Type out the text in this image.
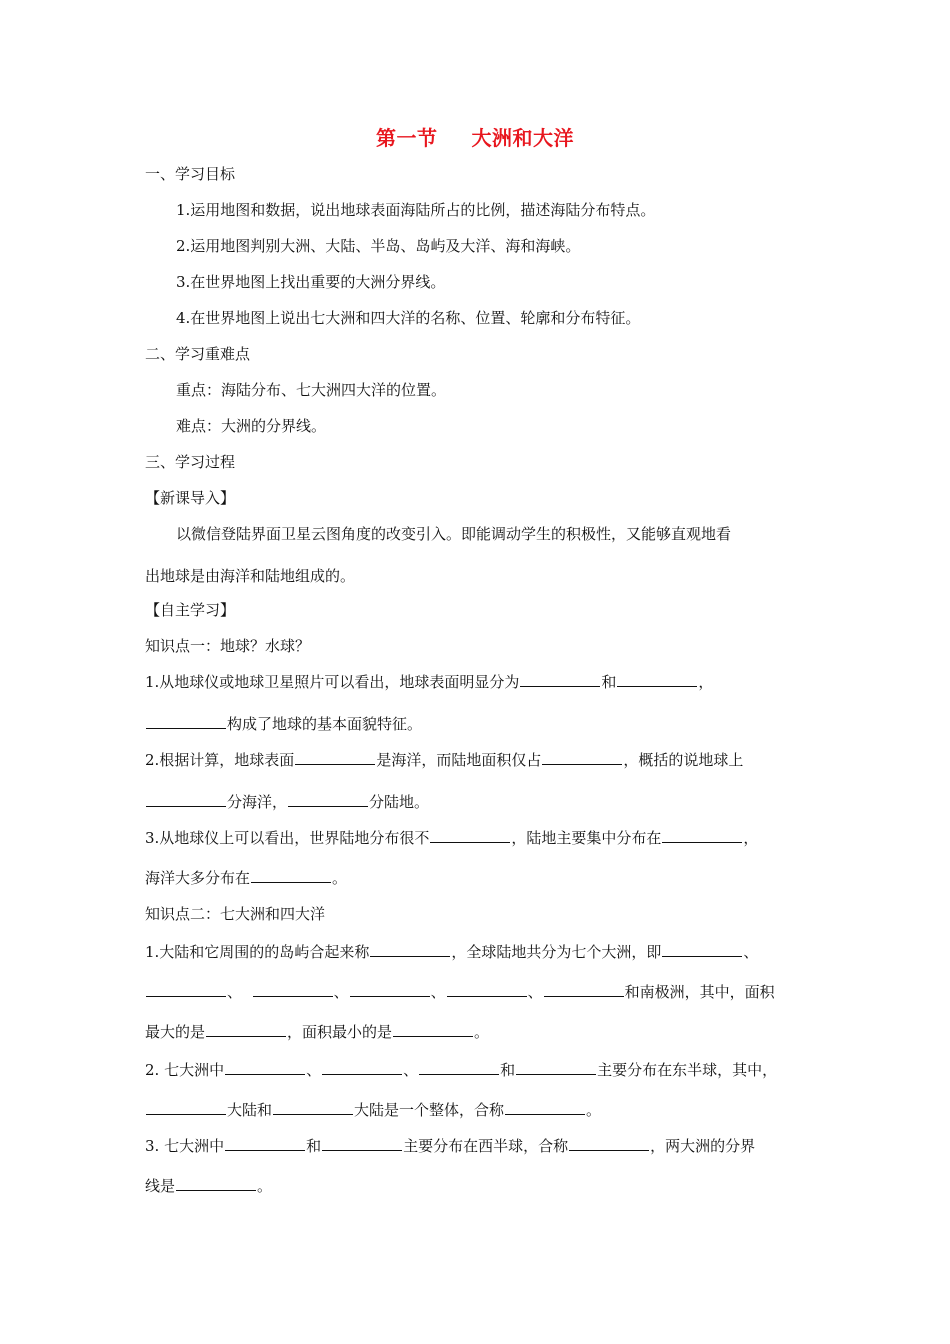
第一节 大洲和大洋
一、学习目标
1.运用地图和数据，说出地球表面海陆所占的比例，描述海陆分布特点。
2.运用地图判别大洲、大陆、半岛、岛屿及大洋、海和海峡。
3.在世界地图上找出重要的大洲分界线。
4.在世界地图上说出七大洲和四大洋的名称、位置、轮廓和分布特征。
二、学习重难点
重点：海陆分布、七大洲四大洋的位置。
难点：大洲的分界线。
三、学习过程
【新课导入】
以微信登陆界面卫星云图角度的改变引入。即能调动学生的积极性，又能够直观地看
出地球是由海洋和陆地组成的。
【自主学习】
知识点一：地球？水球？
1.从地球仪或地球卫星照片可以看出，地球表面明显分为	和	，
构成了地球的基本面貌特征。
2.根据计算，地球表面	是海洋，而陆地面积仅占	，概括的说地球上
分海洋，	分陆地。
3.从地球仪上可以看出，世界陆地分布很不	，陆地主要集中分布在	，
海洋大多分布在	。
知识点二：七大洲和四大洋
1.大陆和它周围的的岛屿合起来称	，全球陆地共分为七个大洲，即	、
、	、	、	、	和南极洲，其中，面积
最大的是	，面积最小的是	。
2. 七大洲中	、	、	和	主要分布在东半球，其中，
大陆和	大陆是一个整体，合称	。
3. 七大洲中	和	主要分布在西半球，合称	，两大洲的分界
线是	。
